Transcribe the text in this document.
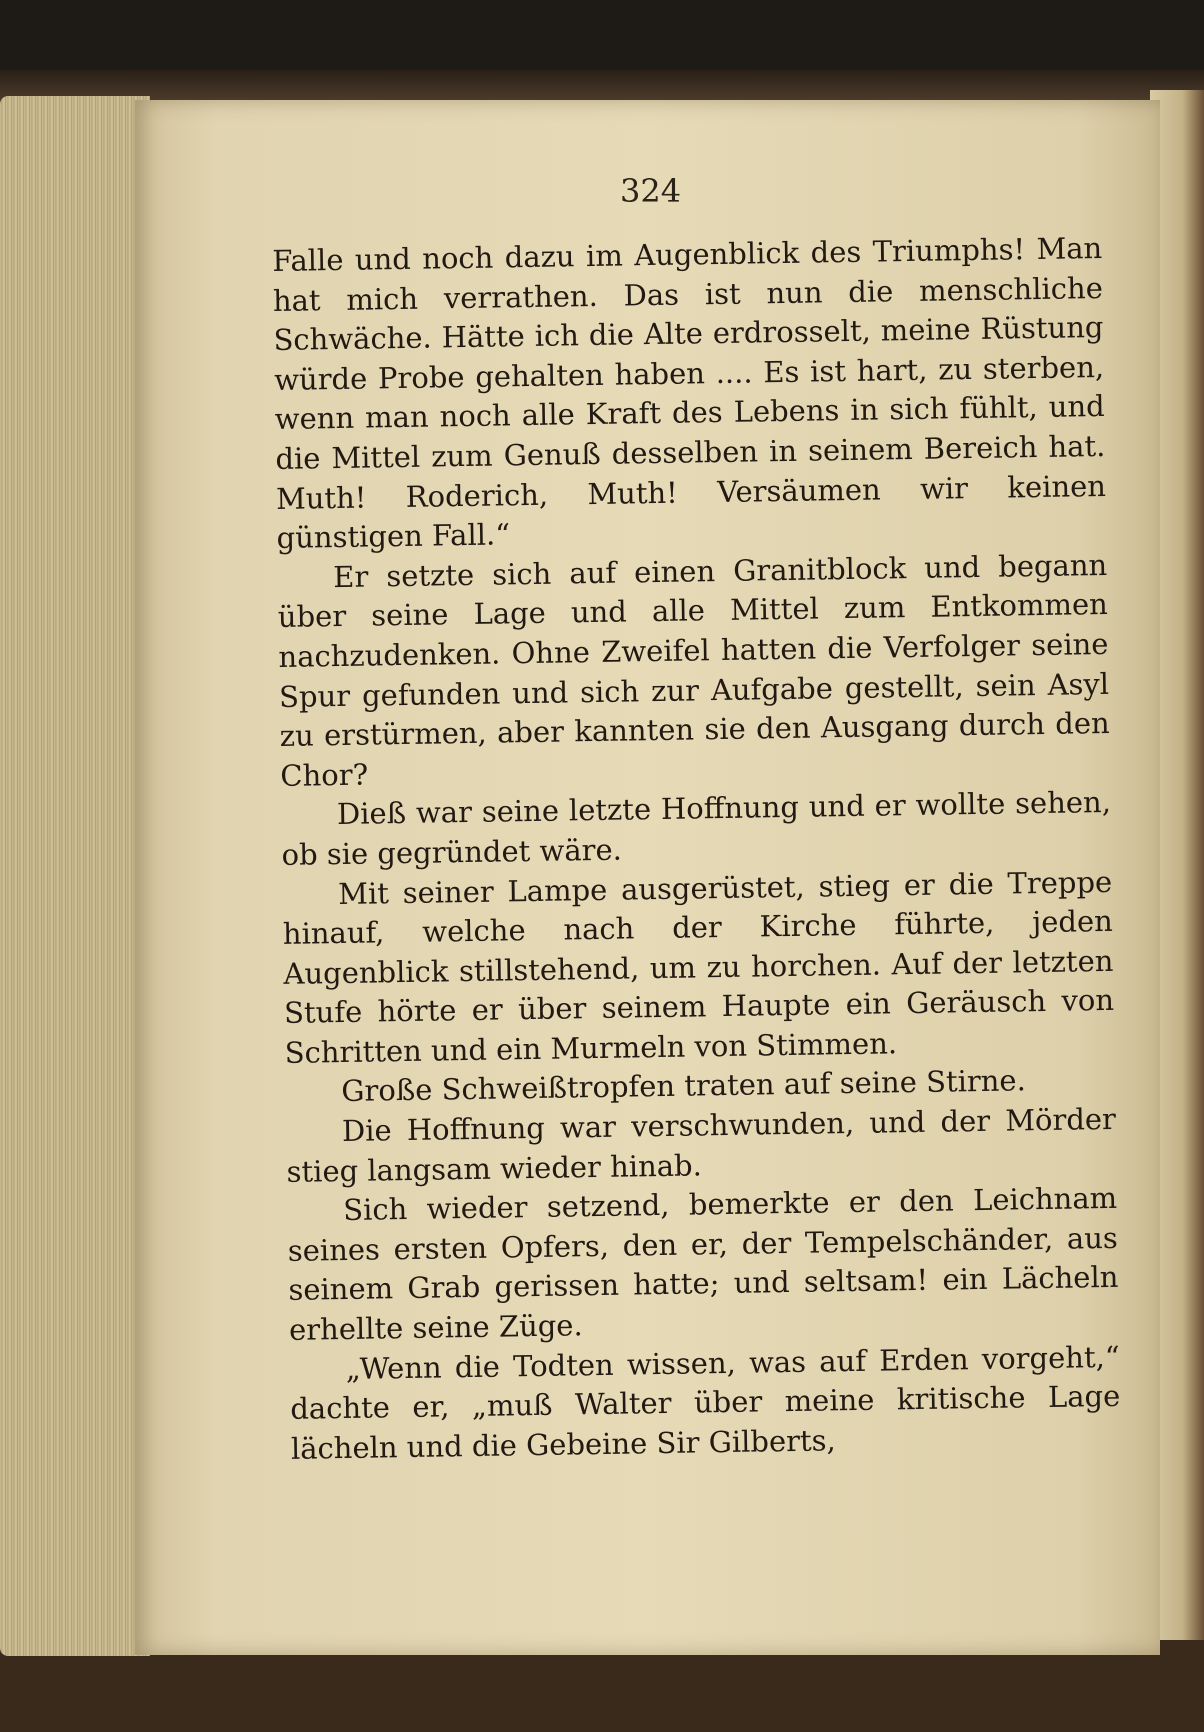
324

Falle und noch dazu im Augenblick des Triumphs! Man hat mich verrathen. Das ist nun die menschliche Schwäche. Hätte ich die Alte erdrosselt, meine Rüstung würde Probe gehalten haben .... Es ist hart, zu sterben, wenn man noch alle Kraft des Lebens in sich fühlt, und die Mittel zum Genuß desselben in seinem Bereich hat. Muth! Roderich, Muth! Versäumen wir keinen günstigen Fall.“

Er setzte sich auf einen Granitblock und begann über seine Lage und alle Mittel zum Entkommen nachzudenken. Ohne Zweifel hatten die Verfolger seine Spur gefunden und sich zur Aufgabe gestellt, sein Asyl zu erstürmen, aber kannten sie den Ausgang durch den Chor?

Dieß war seine letzte Hoffnung und er wollte sehen, ob sie gegründet wäre.

Mit seiner Lampe ausgerüstet, stieg er die Treppe hinauf, welche nach der Kirche führte, jeden Augenblick stillstehend, um zu horchen. Auf der letzten Stufe hörte er über seinem Haupte ein Geräusch von Schritten und ein Murmeln von Stimmen.

Große Schweißtropfen traten auf seine Stirne.

Die Hoffnung war verschwunden, und der Mörder stieg langsam wieder hinab.

Sich wieder setzend, bemerkte er den Leichnam seines ersten Opfers, den er, der Tempelschänder, aus seinem Grab gerissen hatte; und seltsam! ein Lächeln erhellte seine Züge.

„Wenn die Todten wissen, was auf Erden vorgeht,“ dachte er, „muß Walter über meine kritische Lage lächeln und die Gebeine Sir Gilberts,
